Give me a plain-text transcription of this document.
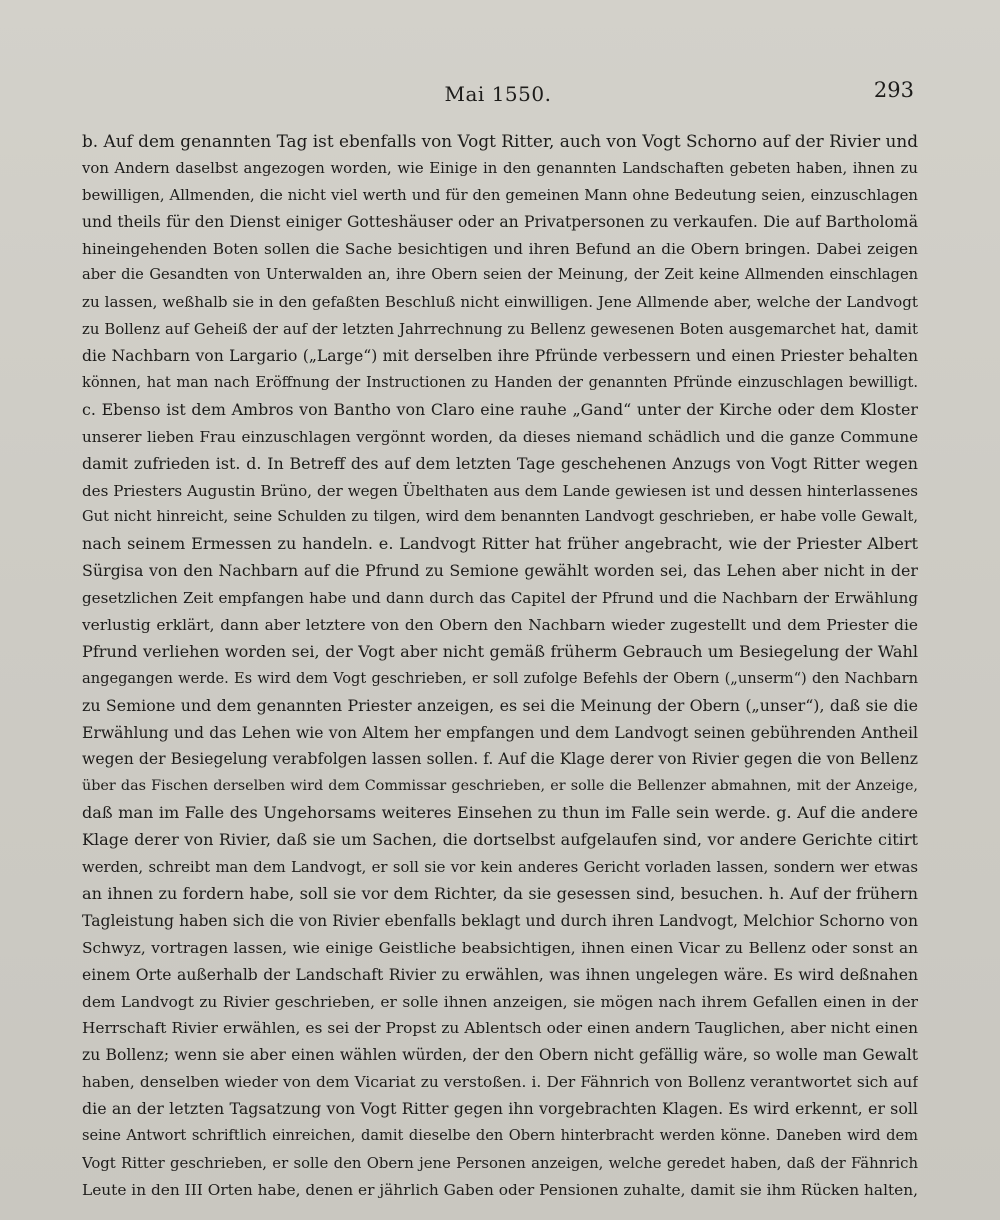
Mai 1550.	293
b. Auf dem genannten Tag ist ebenfalls von Vogt Ritter, auch von Vogt Schorno auf der Rivier und
von Andern daselbst angezogen worden, wie Einige in den genannten Landschaften gebeten haben, ihnen zu
bewilligen, Allmenden, die nicht viel werth und für den gemeinen Mann ohne Bedeutung seien, einzuschlagen
und theils für den Dienst einiger Gotteshäuser oder an Privatpersonen zu verkaufen. Die auf Bartholomä
hineingehenden Boten sollen die Sache besichtigen und ihren Befund an die Obern bringen. Dabei zeigen
aber die Gesandten von Unterwalden an, ihre Obern seien der Meinung, der Zeit keine Allmenden einschlagen
zu lassen, weßhalb sie in den gefaßten Beschluß nicht einwilligen. Jene Allmende aber, welche der Landvogt
zu Bollenz auf Geheiß der auf der letzten Jahrrechnung zu Bellenz gewesenen Boten ausgemarchet hat, damit
die Nachbarn von Largario („Large“) mit derselben ihre Pfründe verbessern und einen Priester behalten
können, hat man nach Eröffnung der Instructionen zu Handen der genannten Pfründe einzuschlagen bewilligt.
c. Ebenso ist dem Ambros von Bantho von Claro eine rauhe „Gand“ unter der Kirche oder dem Kloster
unserer lieben Frau einzuschlagen vergönnt worden, da dieses niemand schädlich und die ganze Commune
damit zufrieden ist. d. In Betreff des auf dem letzten Tage geschehenen Anzugs von Vogt Ritter wegen
des Priesters Augustin Brüno, der wegen Übelthaten aus dem Lande gewiesen ist und dessen hinterlassenes
Gut nicht hinreicht, seine Schulden zu tilgen, wird dem benannten Landvogt geschrieben, er habe volle Gewalt,
nach seinem Ermessen zu handeln. e. Landvogt Ritter hat früher angebracht, wie der Priester Albert
Sürgisa von den Nachbarn auf die Pfrund zu Semione gewählt worden sei, das Lehen aber nicht in der
gesetzlichen Zeit empfangen habe und dann durch das Capitel der Pfrund und die Nachbarn der Erwählung
verlustig erklärt, dann aber letztere von den Obern den Nachbarn wieder zugestellt und dem Priester die
Pfrund verliehen worden sei, der Vogt aber nicht gemäß früherm Gebrauch um Besiegelung der Wahl
angegangen werde. Es wird dem Vogt geschrieben, er soll zufolge Befehls der Obern („unserm“) den Nachbarn
zu Semione und dem genannten Priester anzeigen, es sei die Meinung der Obern („unser“), daß sie die
Erwählung und das Lehen wie von Altem her empfangen und dem Landvogt seinen gebührenden Antheil
wegen der Besiegelung verabfolgen lassen sollen. f. Auf die Klage derer von Rivier gegen die von Bellenz
über das Fischen derselben wird dem Commissar geschrieben, er solle die Bellenzer abmahnen, mit der Anzeige,
daß man im Falle des Ungehorsams weiteres Einsehen zu thun im Falle sein werde. g. Auf die andere
Klage derer von Rivier, daß sie um Sachen, die dortselbst aufgelaufen sind, vor andere Gerichte citirt
werden, schreibt man dem Landvogt, er soll sie vor kein anderes Gericht vorladen lassen, sondern wer etwas
an ihnen zu fordern habe, soll sie vor dem Richter, da sie gesessen sind, besuchen. h. Auf der frühern
Tagleistung haben sich die von Rivier ebenfalls beklagt und durch ihren Landvogt, Melchior Schorno von
Schwyz, vortragen lassen, wie einige Geistliche beabsichtigen, ihnen einen Vicar zu Bellenz oder sonst an
einem Orte außerhalb der Landschaft Rivier zu erwählen, was ihnen ungelegen wäre. Es wird deßnahen
dem Landvogt zu Rivier geschrieben, er solle ihnen anzeigen, sie mögen nach ihrem Gefallen einen in der
Herrschaft Rivier erwählen, es sei der Propst zu Ablentsch oder einen andern Tauglichen, aber nicht einen
zu Bollenz; wenn sie aber einen wählen würden, der den Obern nicht gefällig wäre, so wolle man Gewalt
haben, denselben wieder von dem Vicariat zu verstoßen. i. Der Fähnrich von Bollenz verantwortet sich auf
die an der letzten Tagsatzung von Vogt Ritter gegen ihn vorgebrachten Klagen. Es wird erkennt, er soll
seine Antwort schriftlich einreichen, damit dieselbe den Obern hinterbracht werden könne. Daneben wird dem
Vogt Ritter geschrieben, er solle den Obern jene Personen anzeigen, welche geredet haben, daß der Fähnrich
Leute in den III Orten habe, denen er jährlich Gaben oder Pensionen zuhalte, damit sie ihm Rücken halten,
